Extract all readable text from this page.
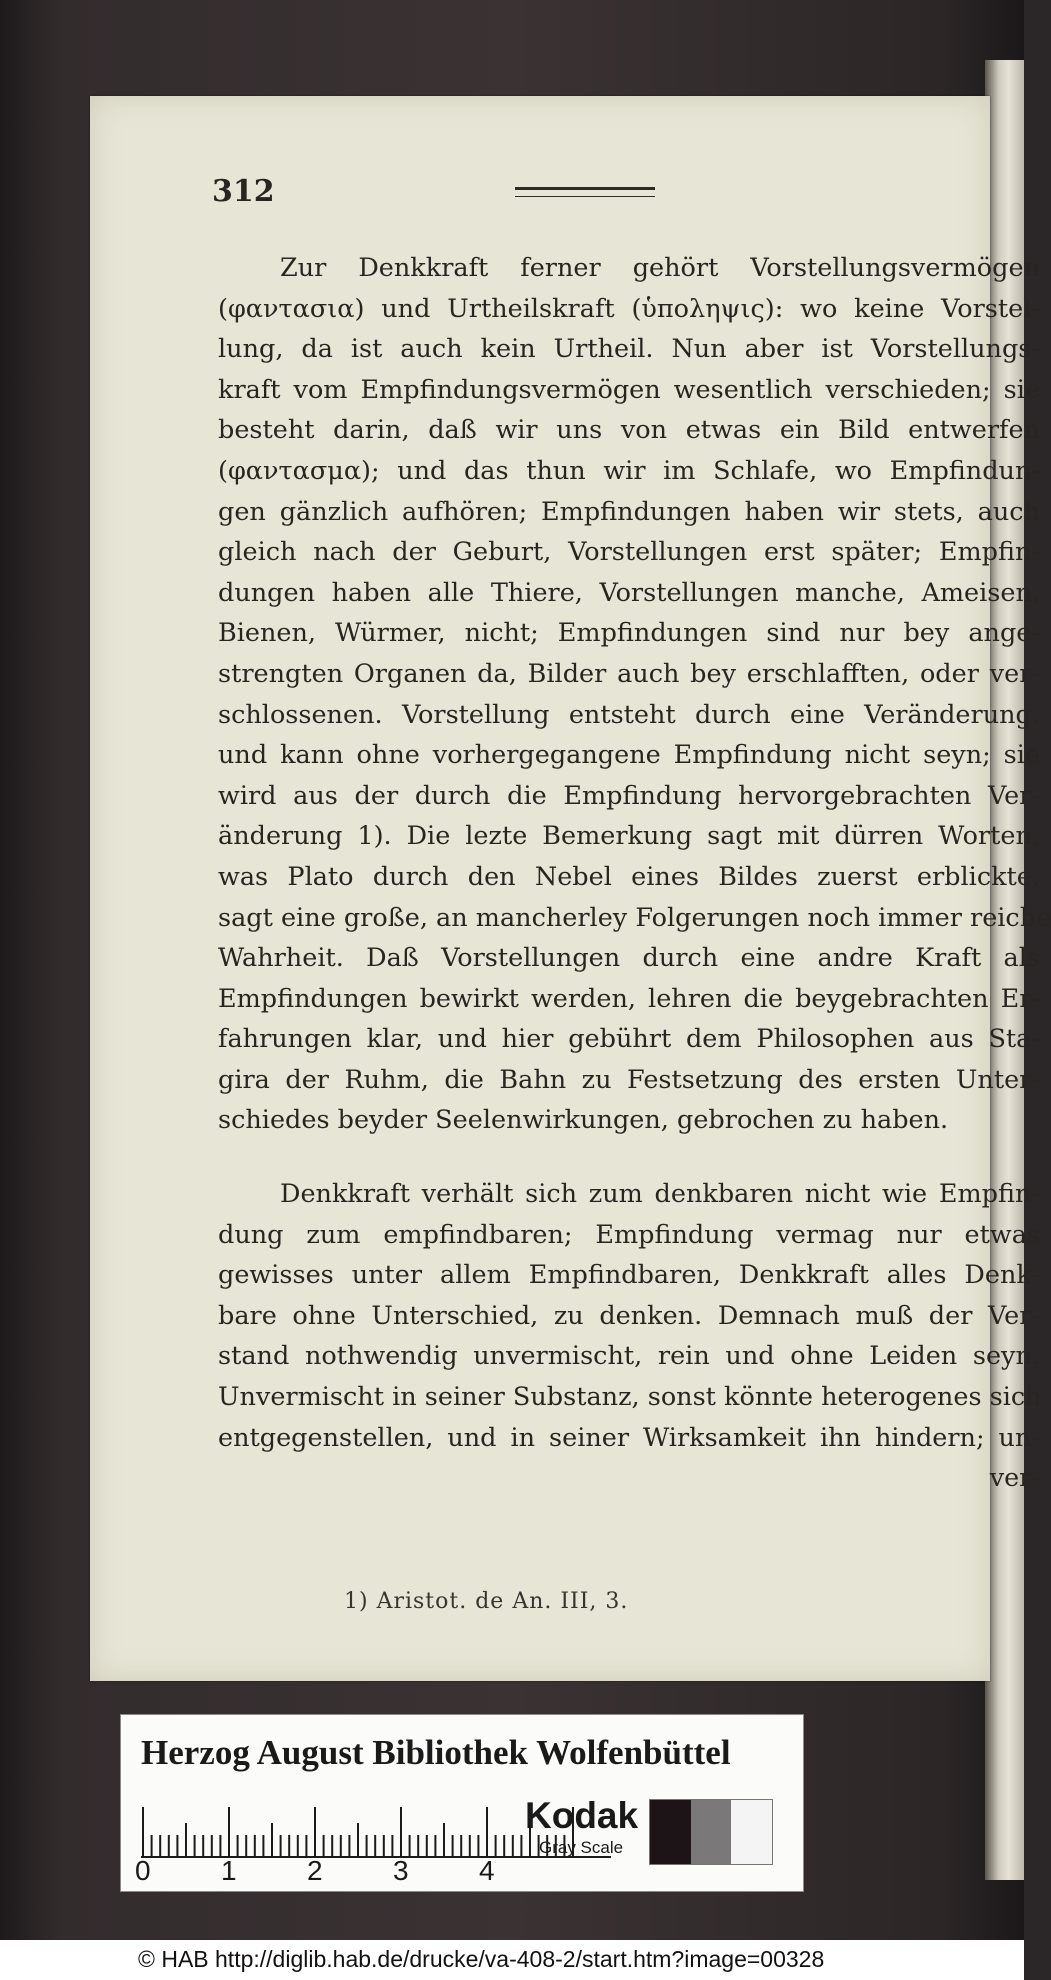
312
Zur Denkkraft ferner gehört Vorstellungsvermögen
(φαντασια) und Urtheilskraft (ὑποληψις): wo keine Vorstel-
lung, da ist auch kein Urtheil. Nun aber ist Vorstellungs-
kraft vom Empfindungsvermögen wesentlich verschieden; sie
besteht darin, daß wir uns von etwas ein Bild entwerfen
(φαντασμα); und das thun wir im Schlafe, wo Empfindun-
gen gänzlich aufhören; Empfindungen haben wir stets, auch
gleich nach der Geburt, Vorstellungen erst später; Empfin-
dungen haben alle Thiere, Vorstellungen manche, Ameisen,
Bienen, Würmer, nicht; Empfindungen sind nur bey ange-
strengten Organen da, Bilder auch bey erschlafften, oder ver-
schlossenen. Vorstellung entsteht durch eine Veränderung,
und kann ohne vorhergegangene Empfindung nicht seyn; sie
wird aus der durch die Empfindung hervorgebrachten Ver-
änderung 1). Die lezte Bemerkung sagt mit dürren Worten,
was Plato durch den Nebel eines Bildes zuerst erblickte,
sagt eine große, an mancherley Folgerungen noch immer reiche
Wahrheit. Daß Vorstellungen durch eine andre Kraft als
Empfindungen bewirkt werden, lehren die beygebrachten Er-
fahrungen klar, und hier gebührt dem Philosophen aus Sta-
gira der Ruhm, die Bahn zu Festsetzung des ersten Unter-
schiedes beyder Seelenwirkungen, gebrochen zu haben.
Denkkraft verhält sich zum denkbaren nicht wie Empfin-
dung zum empfindbaren; Empfindung vermag nur etwas
gewisses unter allem Empfindbaren, Denkkraft alles Denk-
bare ohne Unterschied, zu denken. Demnach muß der Ver-
stand nothwendig unvermischt, rein und ohne Leiden seyn.
Unvermischt in seiner Substanz, sonst könnte heterogenes sich
entgegenstellen, und in seiner Wirksamkeit ihn hindern; un-
ver-
1) Aristot. de An. III, 3.
Herzog August Bibliothek Wolfenbüttel
0	1	2	3	4
Kodak
Gray Scale
© HAB http://diglib.hab.de/drucke/va-408-2/start.htm?image=00328
